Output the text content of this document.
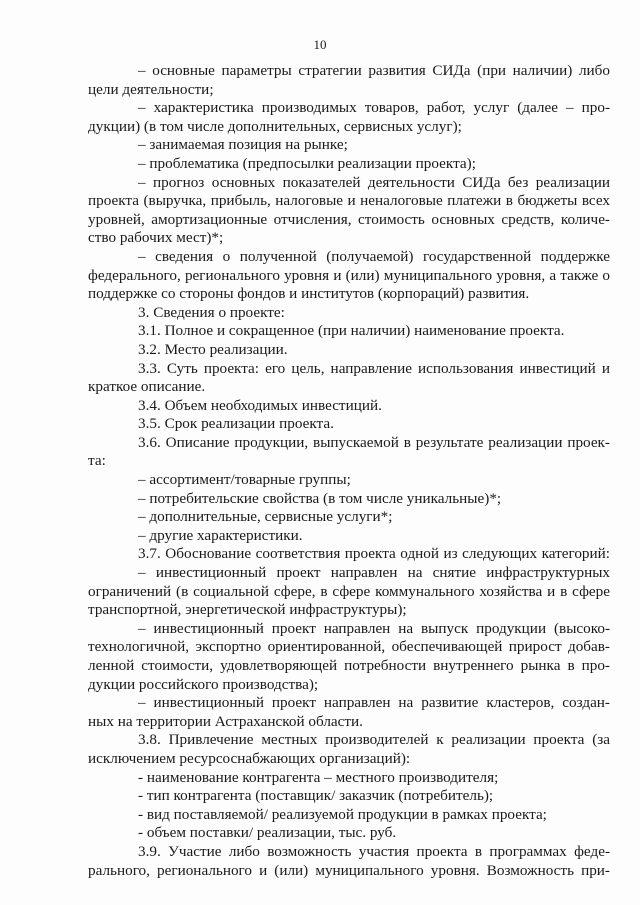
10
– основные параметры стратегии развития СИДа (при наличии) либо
цели деятельности;
– характеристика производимых товаров, работ, услуг (далее – про-
дукции) (в том числе дополнительных, сервисных услуг);
– занимаемая позиция на рынке;
– проблематика (предпосылки реализации проекта);
– прогноз основных показателей деятельности СИДа без реализации
проекта (выручка, прибыль, налоговые и неналоговые платежи в бюджеты всех
уровней, амортизационные отчисления, стоимость основных средств, количе-
ство рабочих мест)*;
– сведения о полученной (получаемой) государственной поддержке
федерального, регионального уровня и (или) муниципального уровня, а также о
поддержке со стороны фондов и институтов (корпораций) развития.
3. Сведения о проекте:
3.1. Полное и сокращенное (при наличии) наименование проекта.
3.2. Место реализации.
3.3. Суть проекта: его цель, направление использования инвестиций и
краткое описание.
3.4. Объем необходимых инвестиций.
3.5. Срок реализации проекта.
3.6. Описание продукции, выпускаемой в результате реализации проек-
та:
– ассортимент/товарные группы;
– потребительские свойства (в том числе уникальные)*;
– дополнительные, сервисные услуги*;
– другие характеристики.
3.7. Обоснование соответствия проекта одной из следующих категорий:
– инвестиционный проект направлен на снятие инфраструктурных
ограничений (в социальной сфере, в сфере коммунального хозяйства и в сфере
транспортной, энергетической инфраструктуры);
– инвестиционный проект направлен на выпуск продукции (высоко-
технологичной, экспортно ориентированной, обеспечивающей прирост добав-
ленной стоимости, удовлетворяющей потребности внутреннего рынка в про-
дукции российского производства);
– инвестиционный проект направлен на развитие кластеров, создан-
ных на территории Астраханской области.
3.8. Привлечение местных производителей к реализации проекта (за
исключением ресурсоснабжающих организаций):
- наименование контрагента – местного производителя;
- тип контрагента (поставщик/ заказчик (потребитель);
- вид поставляемой/ реализуемой продукции в рамках проекта;
- объем поставки/ реализации, тыс. руб.
3.9. Участие либо возможность участия проекта в программах феде-
рального, регионального и (или) муниципального уровня. Возможность при-
